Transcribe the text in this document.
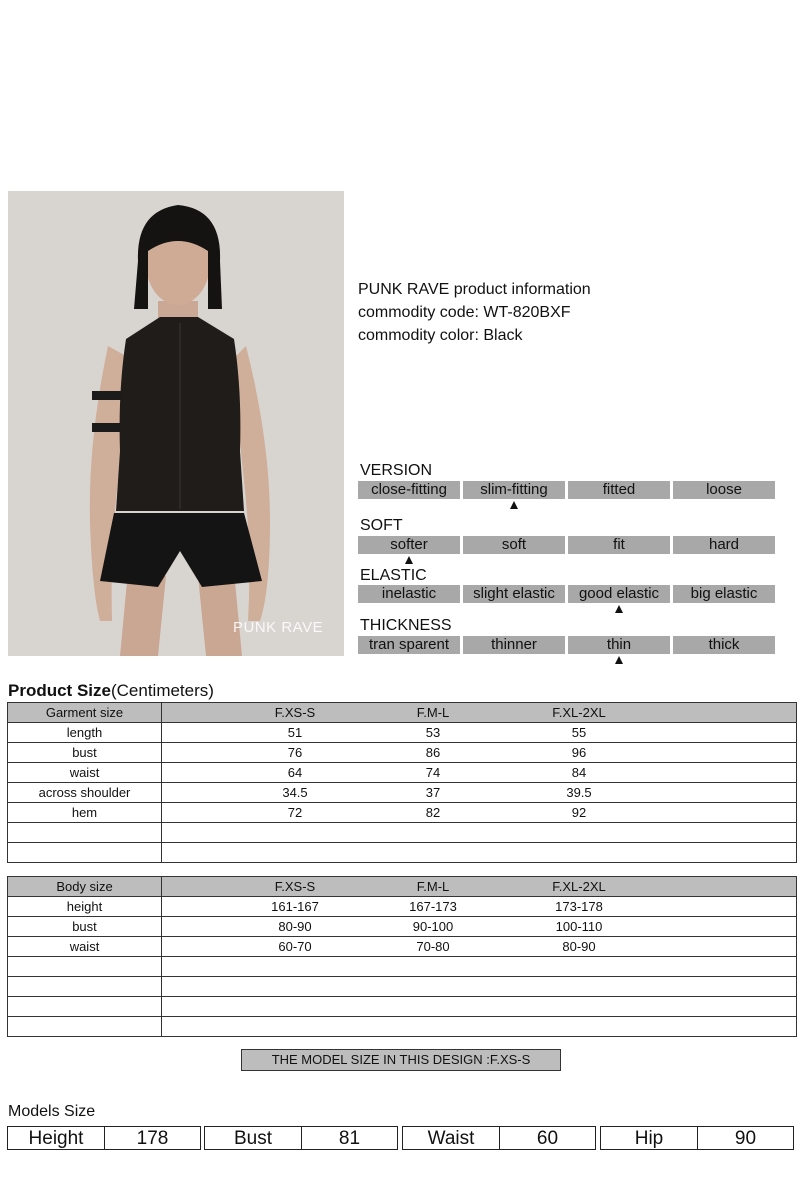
PUNK RAVE
PUNK RAVE product information
commodity code: WT-820BXF
commodity color: Black
VERSION
close-fitting	slim-fitting	fitted	loose
SOFT
softer	soft	fit	hard
ELASTIC
inelastic	slight elastic	good elastic	big elastic
THICKNESS
tran sparent	thinner	thin	thick
Product Size(Centimeters)
Garment size	F.XS-S F.M-L F.XL-2XL

length	51 53 55

bust	76 86 96

waist	64 74 84

across shoulder	34.5 37 39.5

hem	72 82 92

Body size	F.XS-S F.M-L F.XL-2XL

height	161-167 167-173 173-178

bust	80-90 90-100 100-110

waist	60-70 70-80 80-90

THE MODEL SIZE IN THIS DESIGN :F.XS-S
Models Size
Height	178	Bust	81	Waist	60	Hip	90
